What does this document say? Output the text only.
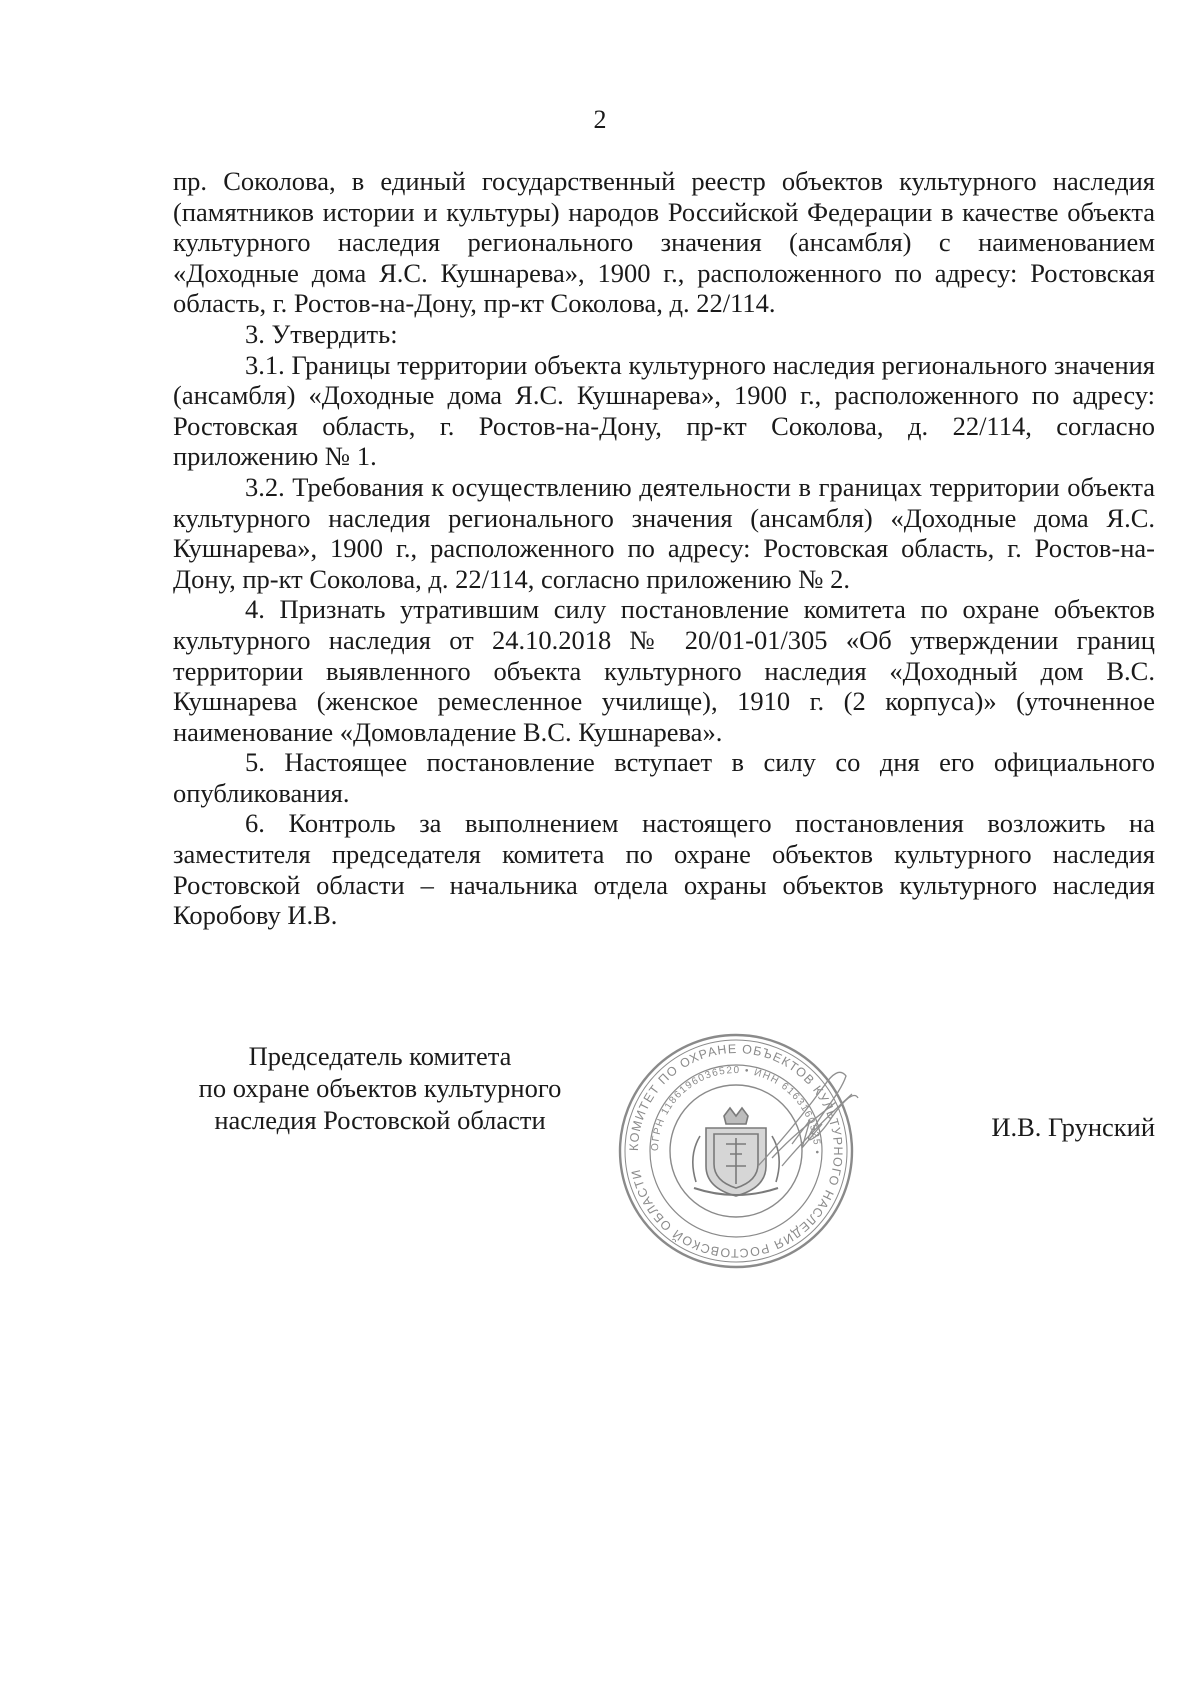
2

пр. Соколова, в единый государственный реестр объектов культурного наследия (памятников истории и культуры) народов Российской Федерации в качестве объекта культурного наследия регионального значения (ансамбля) с наименованием «Доходные дома Я.С. Кушнарева», 1900 г., расположенного по адресу: Ростовская область, г. Ростов-на-Дону, пр-кт Соколова, д. 22/114.

3. Утвердить:

3.1. Границы территории объекта культурного наследия регионального значения (ансамбля) «Доходные дома Я.С. Кушнарева», 1900 г., расположенного по адресу: Ростовская область, г. Ростов-на-Дону, пр-кт Соколова, д. 22/114, согласно приложению № 1.

3.2. Требования к осуществлению деятельности в границах территории объекта культурного наследия регионального значения (ансамбля) «Доходные дома Я.С. Кушнарева», 1900 г., расположенного по адресу: Ростовская область, г. Ростов-на-Дону, пр-кт Соколова, д. 22/114, согласно приложению № 2.

4. Признать утратившим силу постановление комитета по охране объектов культурного наследия от 24.10.2018 № 20/01-01/305 «Об утверждении границ территории выявленного объекта культурного наследия «Доходный дом В.С. Кушнарева (женское ремесленное училище), 1910 г. (2 корпуса)» (уточненное наименование «Домовладение В.С. Кушнарева».

5. Настоящее постановление вступает в силу со дня его официального опубликования.

6. Контроль за выполнением настоящего постановления возложить на заместителя председателя комитета по охране объектов культурного наследия Ростовской области – начальника отдела охраны объектов культурного наследия Коробову И.В.

Председатель комитета
по охране объектов культурного
наследия Ростовской области
КОМИТЕТ ПО ОХРАНЕ ОБЪЕКТОВ КУЛЬТУРНОГО НАСЛЕДИЯ РОСТОВСКОЙ ОБЛАСТИ
ОГРН 1186196036520 • ИНН 6163160525 •
И.В. Грунский
